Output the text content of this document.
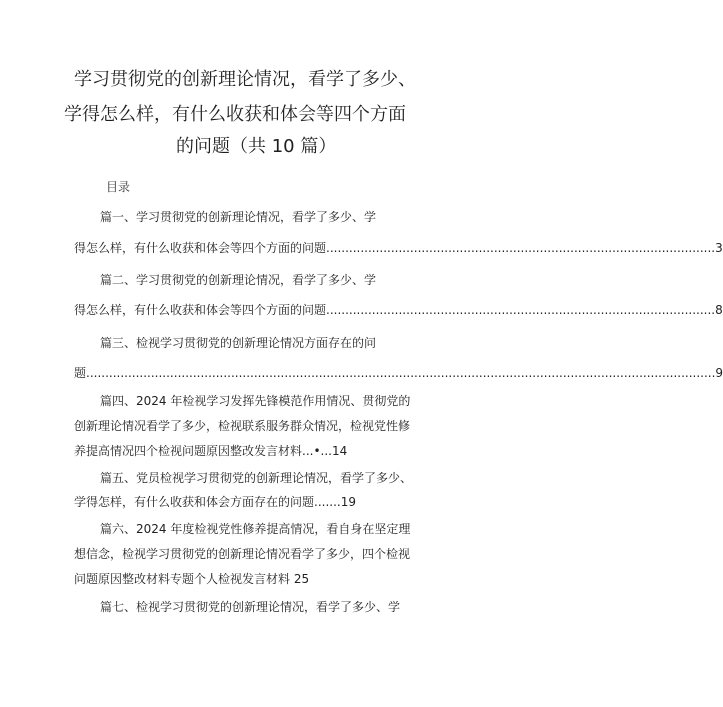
学习贯彻党的创新理论情况，看学了多少、
学得怎么样，有什么收获和体会等四个方面
的问题（共 10 篇）
目录
篇一、学习贯彻党的创新理论情况，看学了多少、学
得怎么样，有什么收获和体会等四个方面的问题 ...................................................................................................... 3
篇二、学习贯彻党的创新理论情况，看学了多少、学
得怎么样，有什么收获和体会等四个方面的问题 ...................................................................................................... 8
篇三、检视学习贯彻党的创新理论情况方面存在的问
题 ..................................................................................................................................................................... 9
篇四、2024 年检视学习发挥先锋模范作用情况、贯彻党的
创新理论情况看学了多少，检视联系服务群众情况，检视党性修
养提高情况四个检视问题原因整改发言材料...•...14
篇五、党员检视学习贯彻党的创新理论情况，看学了多少、
学得怎样，有什么收获和体会方面存在的问题.......19
篇六、2024 年度检视党性修养提高情况，看自身在坚定理
想信念，检视学习贯彻党的创新理论情况看学了多少，四个检视
问题原因整改材料专题个人检视发言材料 25
篇七、检视学习贯彻党的创新理论情况，看学了多少、学
